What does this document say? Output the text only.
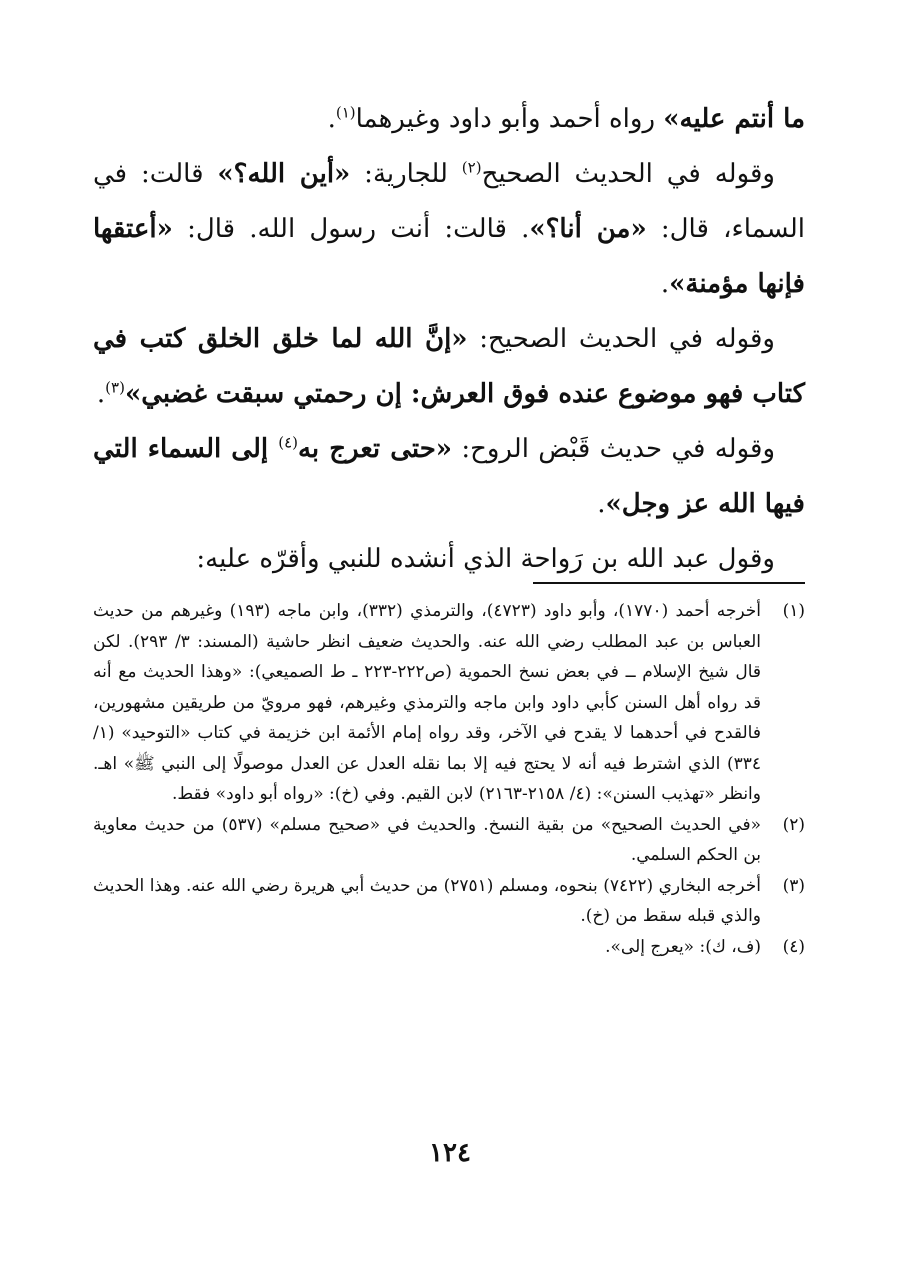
ما أنتم عليه» رواه أحمد وأبو داود وغيرهما$^{(١)}$.

وقوله في الحديث الصحيح$^{(٢)}$ للجارية: «أين الله؟» قالت: في السماء، قال: «من أنا؟». قالت: أنت رسول الله. قال: «أعتقها فإنها مؤمنة».

وقوله في الحديث الصحيح: «إنَّ الله لما خلق الخلق كتب في كتاب فهو موضوع عنده فوق العرش: إن رحمتي سبقت غضبي»$^{(٣)}$.

وقوله في حديث قَبْض الروح: «حتى تعرج به$^{(٤)}$ إلى السماء التي فيها الله عز وجل».

وقول عبد الله بن رَواحة الذي أنشده للنبي وأقرّه عليه:

(١)
أخرجه أحمد (١٧٧٠)، وأبو داود (٤٧٢٣)، والترمذي (٣٣٢)، وابن ماجه (١٩٣) وغيرهم من حديث العباس بن عبد المطلب رضي الله عنه. والحديث ضعيف انظر حاشية (المسند: ٣/ ٢٩٣). لكن قال شيخ الإسلام ــ في بعض نسخ الحموية (ص٢٢٢-٢٢٣ ـ ط الصميعي): «وهذا الحديث مع أنه قد رواه أهل السنن كأبي داود وابن ماجه والترمذي وغيرهم، فهو مرويّ من طريقين مشهورين، فالقدح في أحدهما لا يقدح في الآخر، وقد رواه إمام الأئمة ابن خزيمة في كتاب «التوحيد» (١/ ٣٣٤) الذي اشترط فيه أنه لا يحتج فيه إلا بما نقله العدل عن العدل موصولًا إلى النبي ﷺ» اهـ. وانظر «تهذيب السنن»: (٤/ ٢١٥٨-٢١٦٣) لابن القيم. وفي (خ): «رواه أبو داود» فقط.
(٢)
«في الحديث الصحيح» من بقية النسخ. والحديث في «صحيح مسلم» (٥٣٧) من حديث معاوية بن الحكم السلمي.
(٣)
أخرجه البخاري (٧٤٢٢) بنحوه، ومسلم (٢٧٥١) من حديث أبي هريرة رضي الله عنه. وهذا الحديث والذي قبله سقط من (خ).
(٤)
(ف، ك): «يعرج إلى».
١٢٤
